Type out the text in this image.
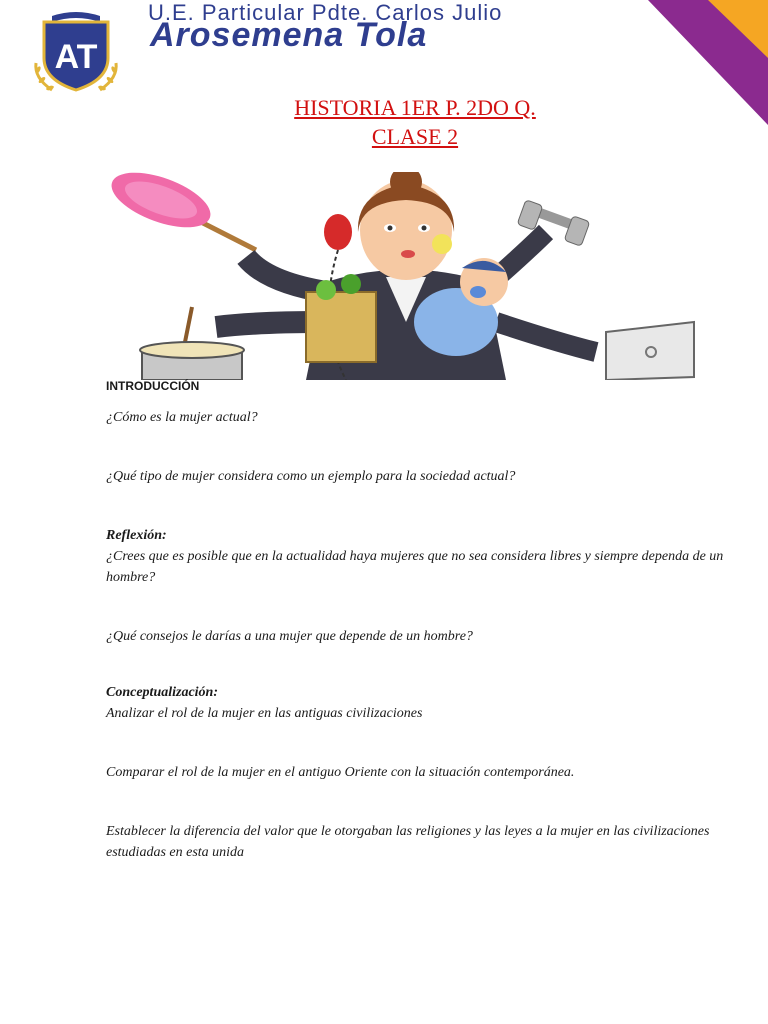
AT
U.E. Particular Pdte. Carlos Julio
Arosemena Tola
HISTORIA 1ER P. 2DO Q.
CLASE 2
INTRODUCCIÓN

¿Cómo es la mujer actual?

¿Qué tipo de mujer considera como un ejemplo para la sociedad actual?

Reflexión:

¿Crees que es posible que en la actualidad haya mujeres que no sea considera libres y siempre dependa de un hombre?

¿Qué consejos le darías a una mujer que depende de un hombre?

Conceptualización:

Analizar el rol de la mujer en las antiguas civilizaciones

Comparar el rol de la mujer en el antiguo Oriente con la situación contemporánea.

Establecer la diferencia del valor que le otorgaban las religiones y las leyes a la mujer en las civilizaciones estudiadas en esta unida
